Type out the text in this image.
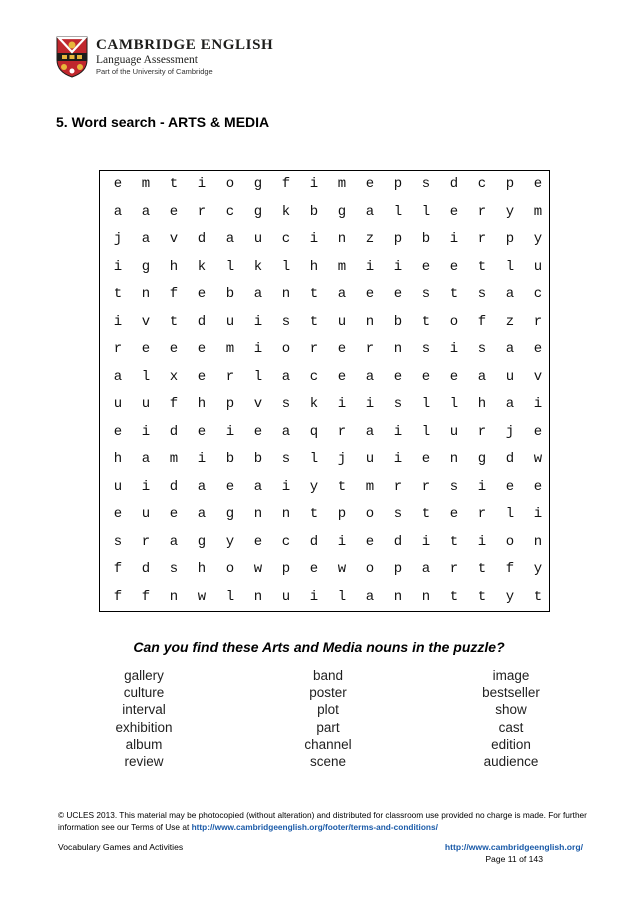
CAMBRIDGE ENGLISH
Language Assessment
Part of the University of Cambridge
5. Word search - ARTS & MEDIA
e	m	t	i	o	g	f	i	m	e	p	s	d	c	p	e
a	a	e	r	c	g	k	b	g	a	l	l	e	r	y	m
j	a	v	d	a	u	c	i	n	z	p	b	i	r	p	y
i	g	h	k	l	k	l	h	m	i	i	e	e	t	l	u
t	n	f	e	b	a	n	t	a	e	e	s	t	s	a	c
i	v	t	d	u	i	s	t	u	n	b	t	o	f	z	r
r	e	e	e	m	i	o	r	e	r	n	s	i	s	a	e
a	l	x	e	r	l	a	c	e	a	e	e	e	a	u	v
u	u	f	h	p	v	s	k	i	i	s	l	l	h	a	i
e	i	d	e	i	e	a	q	r	a	i	l	u	r	j	e
h	a	m	i	b	b	s	l	j	u	i	e	n	g	d	w
u	i	d	a	e	a	i	y	t	m	r	r	s	i	e	e
e	u	e	a	g	n	n	t	p	o	s	t	e	r	l	i
s	r	a	g	y	e	c	d	i	e	d	i	t	i	o	n
f	d	s	h	o	w	p	e	w	o	p	a	r	t	f	y
f	f	n	w	l	n	u	i	l	a	n	n	t	t	y	t
Can you find these Arts and Media nouns in the puzzle?
gallery
culture
interval
exhibition
album
review
band
poster
plot
part
channel
scene
image
bestseller
show
cast
edition
audience
© UCLES 2013. This material may be photocopied (without alteration) and distributed for classroom use provided no charge is made. For further information see our Terms of Use at http://www.cambridgeenglish.org/footer/terms-and-conditions/
Vocabulary Games and Activities	http://www.cambridgeenglish.org/
Page 11 of 143
